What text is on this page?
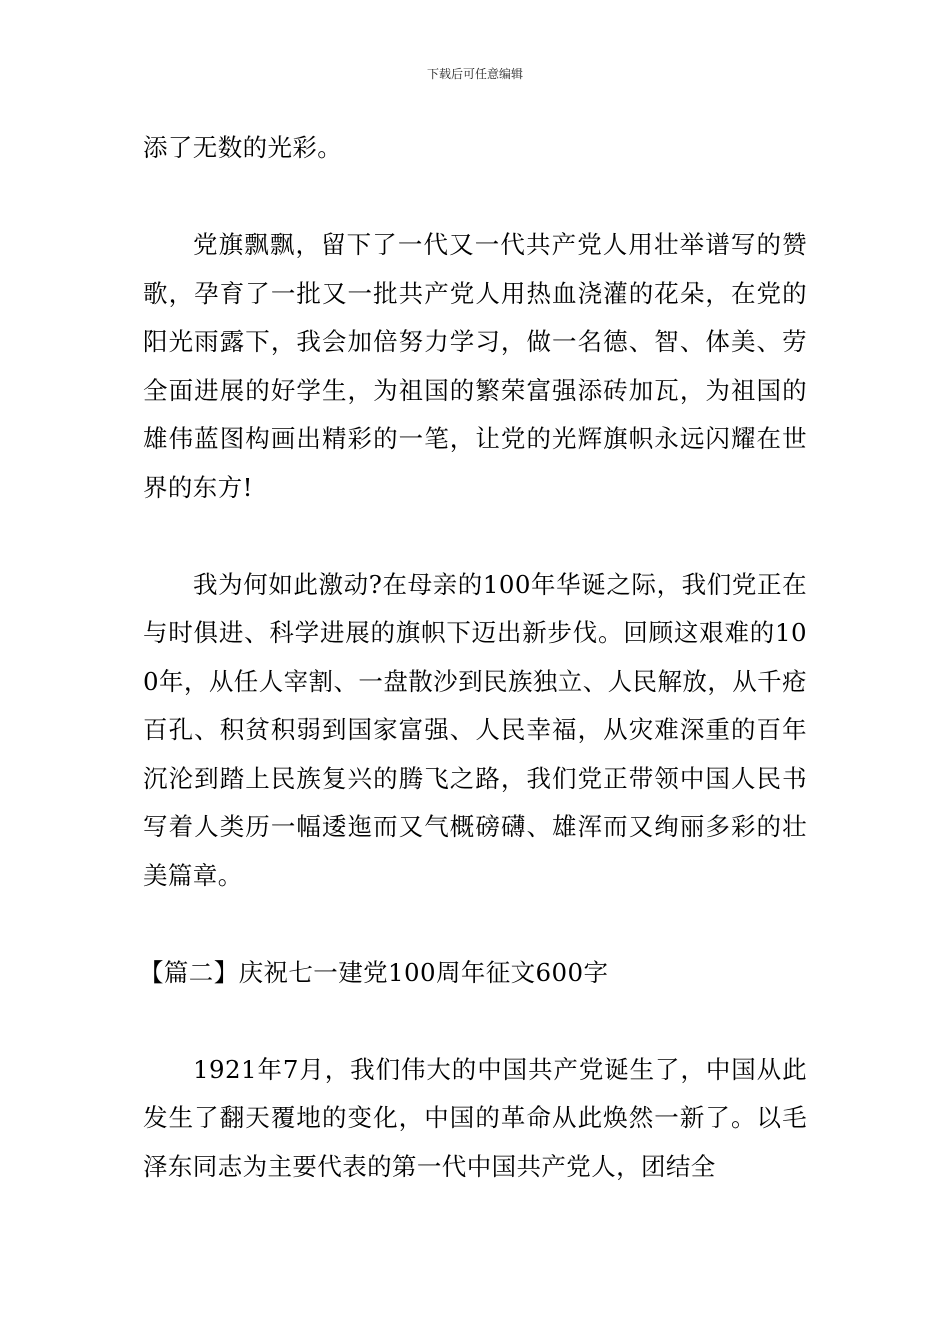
下载后可任意编辑

添了无数的光彩。

党旗飘飘，留下了一代又一代共产党人用壮举谱写的赞歌，孕育了一批又一批共产党人用热血浇灌的花朵，在党的阳光雨露下，我会加倍努力学习，做一名德、智、体美、劳全面进展的好学生，为祖国的繁荣富强添砖加瓦，为祖国的雄伟蓝图构画出精彩的一笔，让党的光辉旗帜永远闪耀在世界的东方!

我为何如此激动?在母亲的100年华诞之际，我们党正在与时俱进、科学进展的旗帜下迈出新步伐。回顾这艰难的100年，从任人宰割、一盘散沙到民族独立、人民解放，从千疮百孔、积贫积弱到国家富强、人民幸福，从灾难深重的百年沉沦到踏上民族复兴的腾飞之路，我们党正带领中国人民书写着人类历一幅逶迤而又气概磅礴、雄浑而又绚丽多彩的壮美篇章。

【篇二】庆祝七一建党100周年征文600字

1921年7月，我们伟大的中国共产党诞生了，中国从此发生了翻天覆地的变化，中国的革命从此焕然一新了。以毛泽东同志为主要代表的第一代中国共产党人，团结全
